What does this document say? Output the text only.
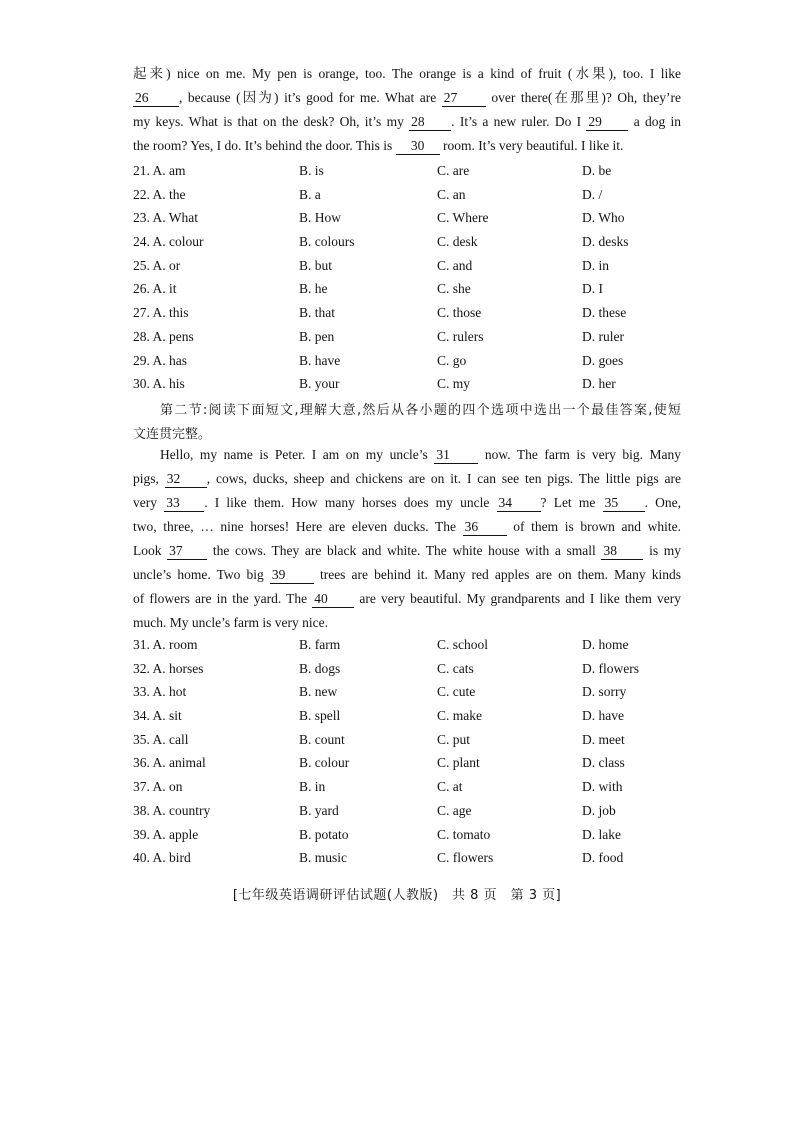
起来) nice on me. My pen is orange, too. The orange is a kind of fruit (水果), too. I like
26 , because (因为) it’s good for me. What are 27	over there(在那里)? Oh, they’re
my keys. What is that on the desk? Oh, it’s my 28 . It’s a new ruler. Do I 29 a dog in
the room? Yes, I do. It’s behind the door. This is 30 room. It’s very beautiful. I like it.
21. A. am	B. is	C. are	D. be
22. A. the	B. a	C. an	D. /
23. A. What	B. How	C. Where	D. Who
24. A. colour	B. colours	C. desk	D. desks
25. A. or	B. but	C. and	D. in
26. A. it	B. he	C. she	D. I
27. A. this	B. that	C. those	D. these
28. A. pens	B. pen	C. rulers	D. ruler
29. A. has	B. have	C. go	D. goes
30. A. his	B. your	C. my	D. her
第二节:阅读下面短文,理解大意,然后从各小题的四个选项中选出一个最佳答案,使短
文连贯完整。
Hello, my name is Peter. I am on my uncle’s 31	now. The farm is very big. Many
pigs, 32 , cows, ducks, sheep and chickens are on it. I can see ten pigs. The little pigs are
very 33 . I like them. How many horses does my uncle 34 ? Let me 35 . One,
two, three, … nine horses! Here are eleven ducks. The 36	of them is brown and white.
Look 37 the cows. They are black and white. The white house with a small 38 is my
uncle’s home. Two big 39	trees are behind it. Many red apples are on them. Many kinds
of flowers are in the yard. The 40 are very beautiful. My grandparents and I like them very
much. My uncle’s farm is very nice.
31. A. room	B. farm	C. school	D. home
32. A. horses	B. dogs	C. cats	D. flowers
33. A. hot	B. new	C. cute	D. sorry
34. A. sit	B. spell	C. make	D. have
35. A. call	B. count	C. put	D. meet
36. A. animal	B. colour	C. plant	D. class
37. A. on	B. in	C. at	D. with
38. A. country	B. yard	C. age	D. job
39. A. apple	B. potato	C. tomato	D. lake
40. A. bird	B. music	C. flowers	D. food
[七年级英语调研评估试题(人教版)　共 8 页　第 3 页]
